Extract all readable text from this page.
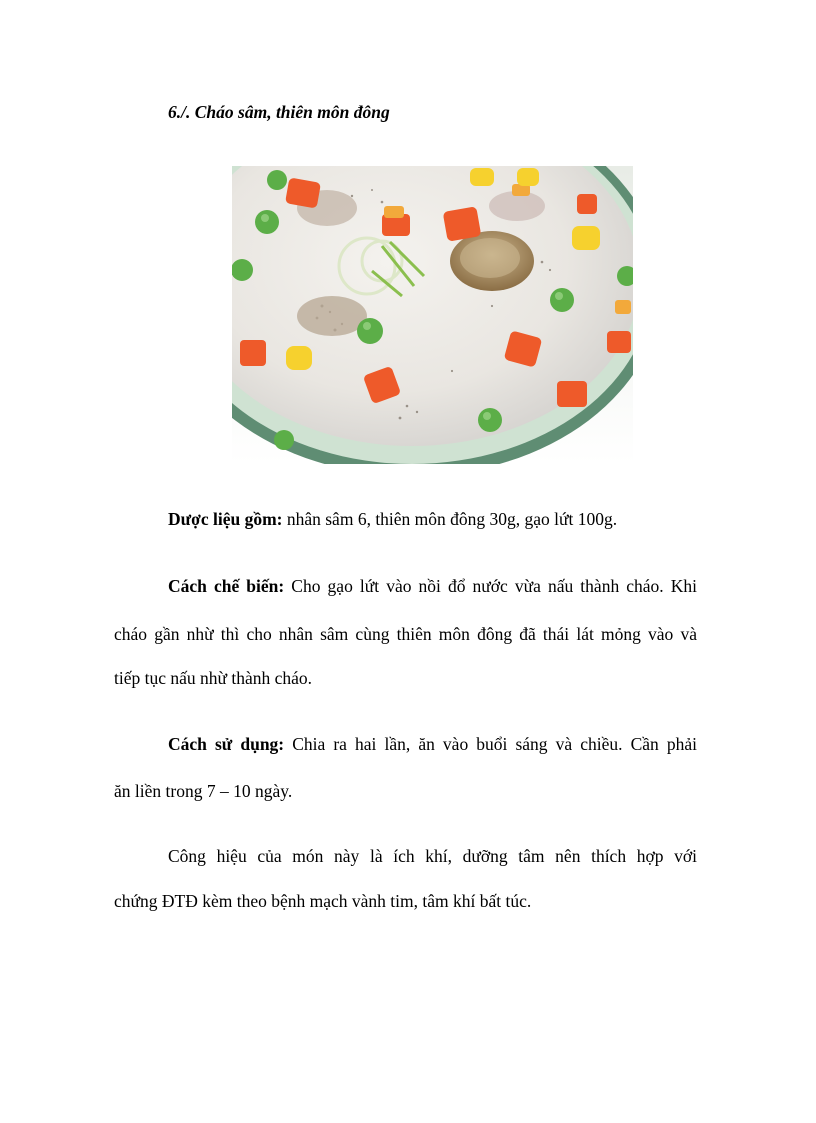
6./. Cháo sâm, thiên môn đông
Dược liệu gồm: nhân sâm 6, thiên môn đông 30g, gạo lứt 100g.
Cách chế biến: Cho gạo lứt vào nồi đổ nước vừa nấu thành cháo. Khi
cháo gần nhừ thì cho nhân sâm cùng thiên môn đông đã thái lát mỏng vào và
tiếp tục nấu nhừ thành cháo.
Cách sử dụng: Chia ra hai lần, ăn vào buổi sáng và chiều. Cần phải
ăn liền trong 7 – 10 ngày.
Công hiệu của món này là ích khí, dưỡng tâm nên thích hợp với
chứng ĐTĐ kèm theo bệnh mạch vành tim, tâm khí bất túc.
